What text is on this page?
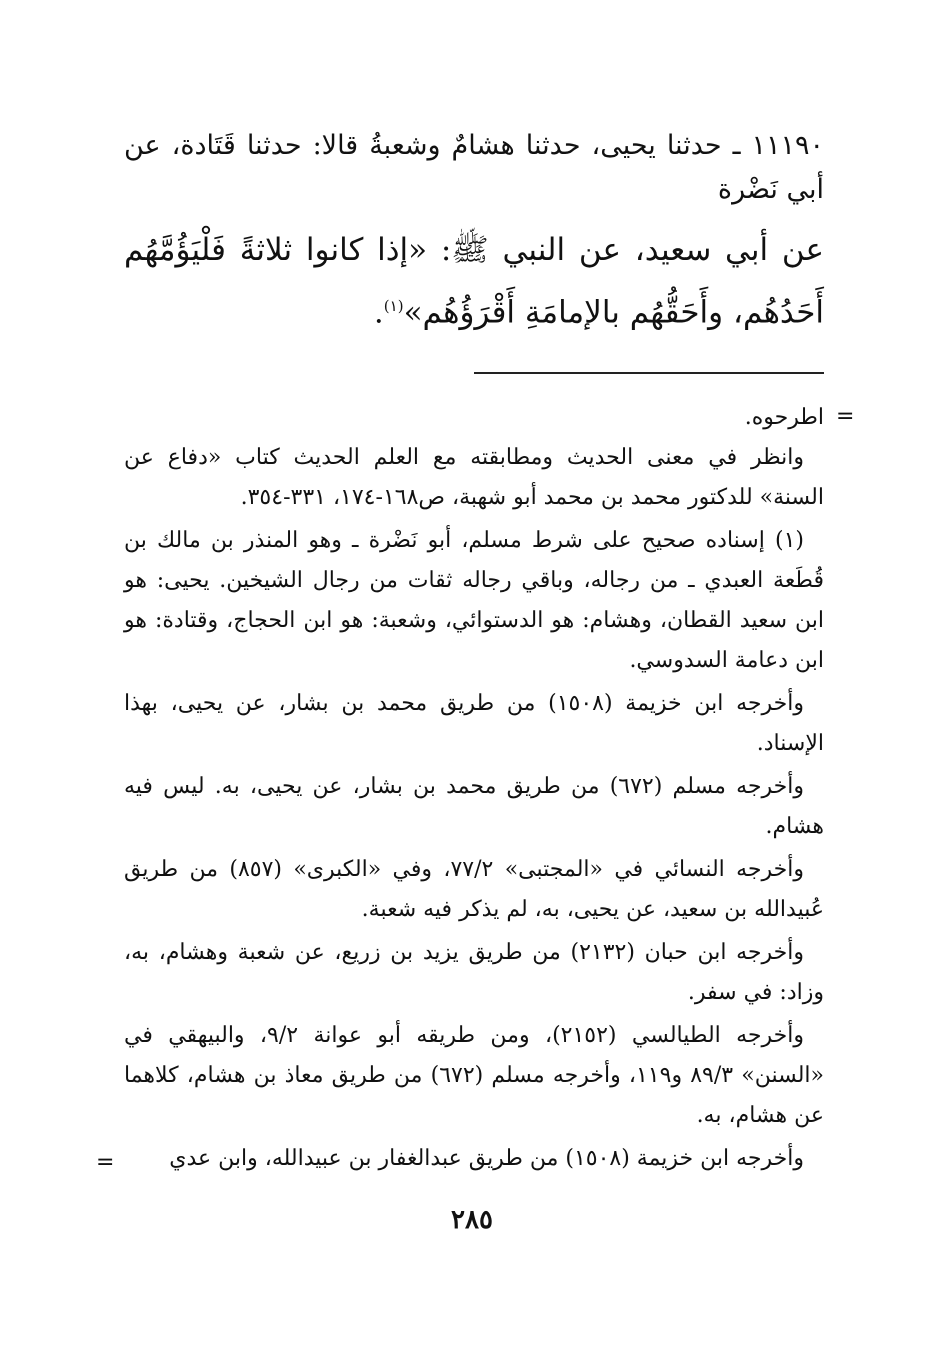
١١١٩٠ ـ حدثنا يحيى، حدثنا هشامٌ وشعبةُ قالا: حدثنا قَتَادة، عن أبي نَضْرة

عن أبي سعيد، عن النبي ﷺ: «إذا كانوا ثلاثةً فَلْيَؤُمَّهُم أَحَدُهُم، وأَحَقُّهُم بالإمامَةِ أَقْرَؤُهُم»$^{(١)}$.

=

اطرحوه.

وانظر في معنى الحديث ومطابقته مع العلم الحديث كتاب «دفاع عن السنة» للدكتور محمد بن محمد أبو شهبة، ص١٦٨-١٧٤، ٣٣١-٣٥٤.

(١) إسناده صحيح على شرط مسلم، أبو نَضْرة ـ وهو المنذر بن مالك بن قُطَعة العبدي ـ من رجاله، وباقي رجاله ثقات من رجال الشيخين. يحيى: هو ابن سعيد القطان، وهشام: هو الدستوائي، وشعبة: هو ابن الحجاج، وقتادة: هو ابن دعامة السدوسي.

وأخرجه ابن خزيمة (١٥٠٨) من طريق محمد بن بشار، عن يحيى، بهذا الإسناد.

وأخرجه مسلم (٦٧٢) من طريق محمد بن بشار، عن يحيى، به. ليس فيه هشام.

وأخرجه النسائي في «المجتبى» ٧٧/٢، وفي «الكبرى» (٨٥٧) من طريق عُبيدالله بن سعيد، عن يحيى، به، لم يذكر فيه شعبة.

وأخرجه ابن حبان (٢١٣٢) من طريق يزيد بن زريع، عن شعبة وهشام، به، وزاد: في سفر.

وأخرجه الطيالسي (٢١٥٢)، ومن طريقه أبو عوانة ٩/٢، والبيهقي في «السنن» ٨٩/٣ و١١٩، وأخرجه مسلم (٦٧٢) من طريق معاذ بن هشام، كلاهما عن هشام، به.

وأخرجه ابن خزيمة (١٥٠٨) من طريق عبدالغفار بن عبيدالله، وابن عدي

=
٢٨٥
